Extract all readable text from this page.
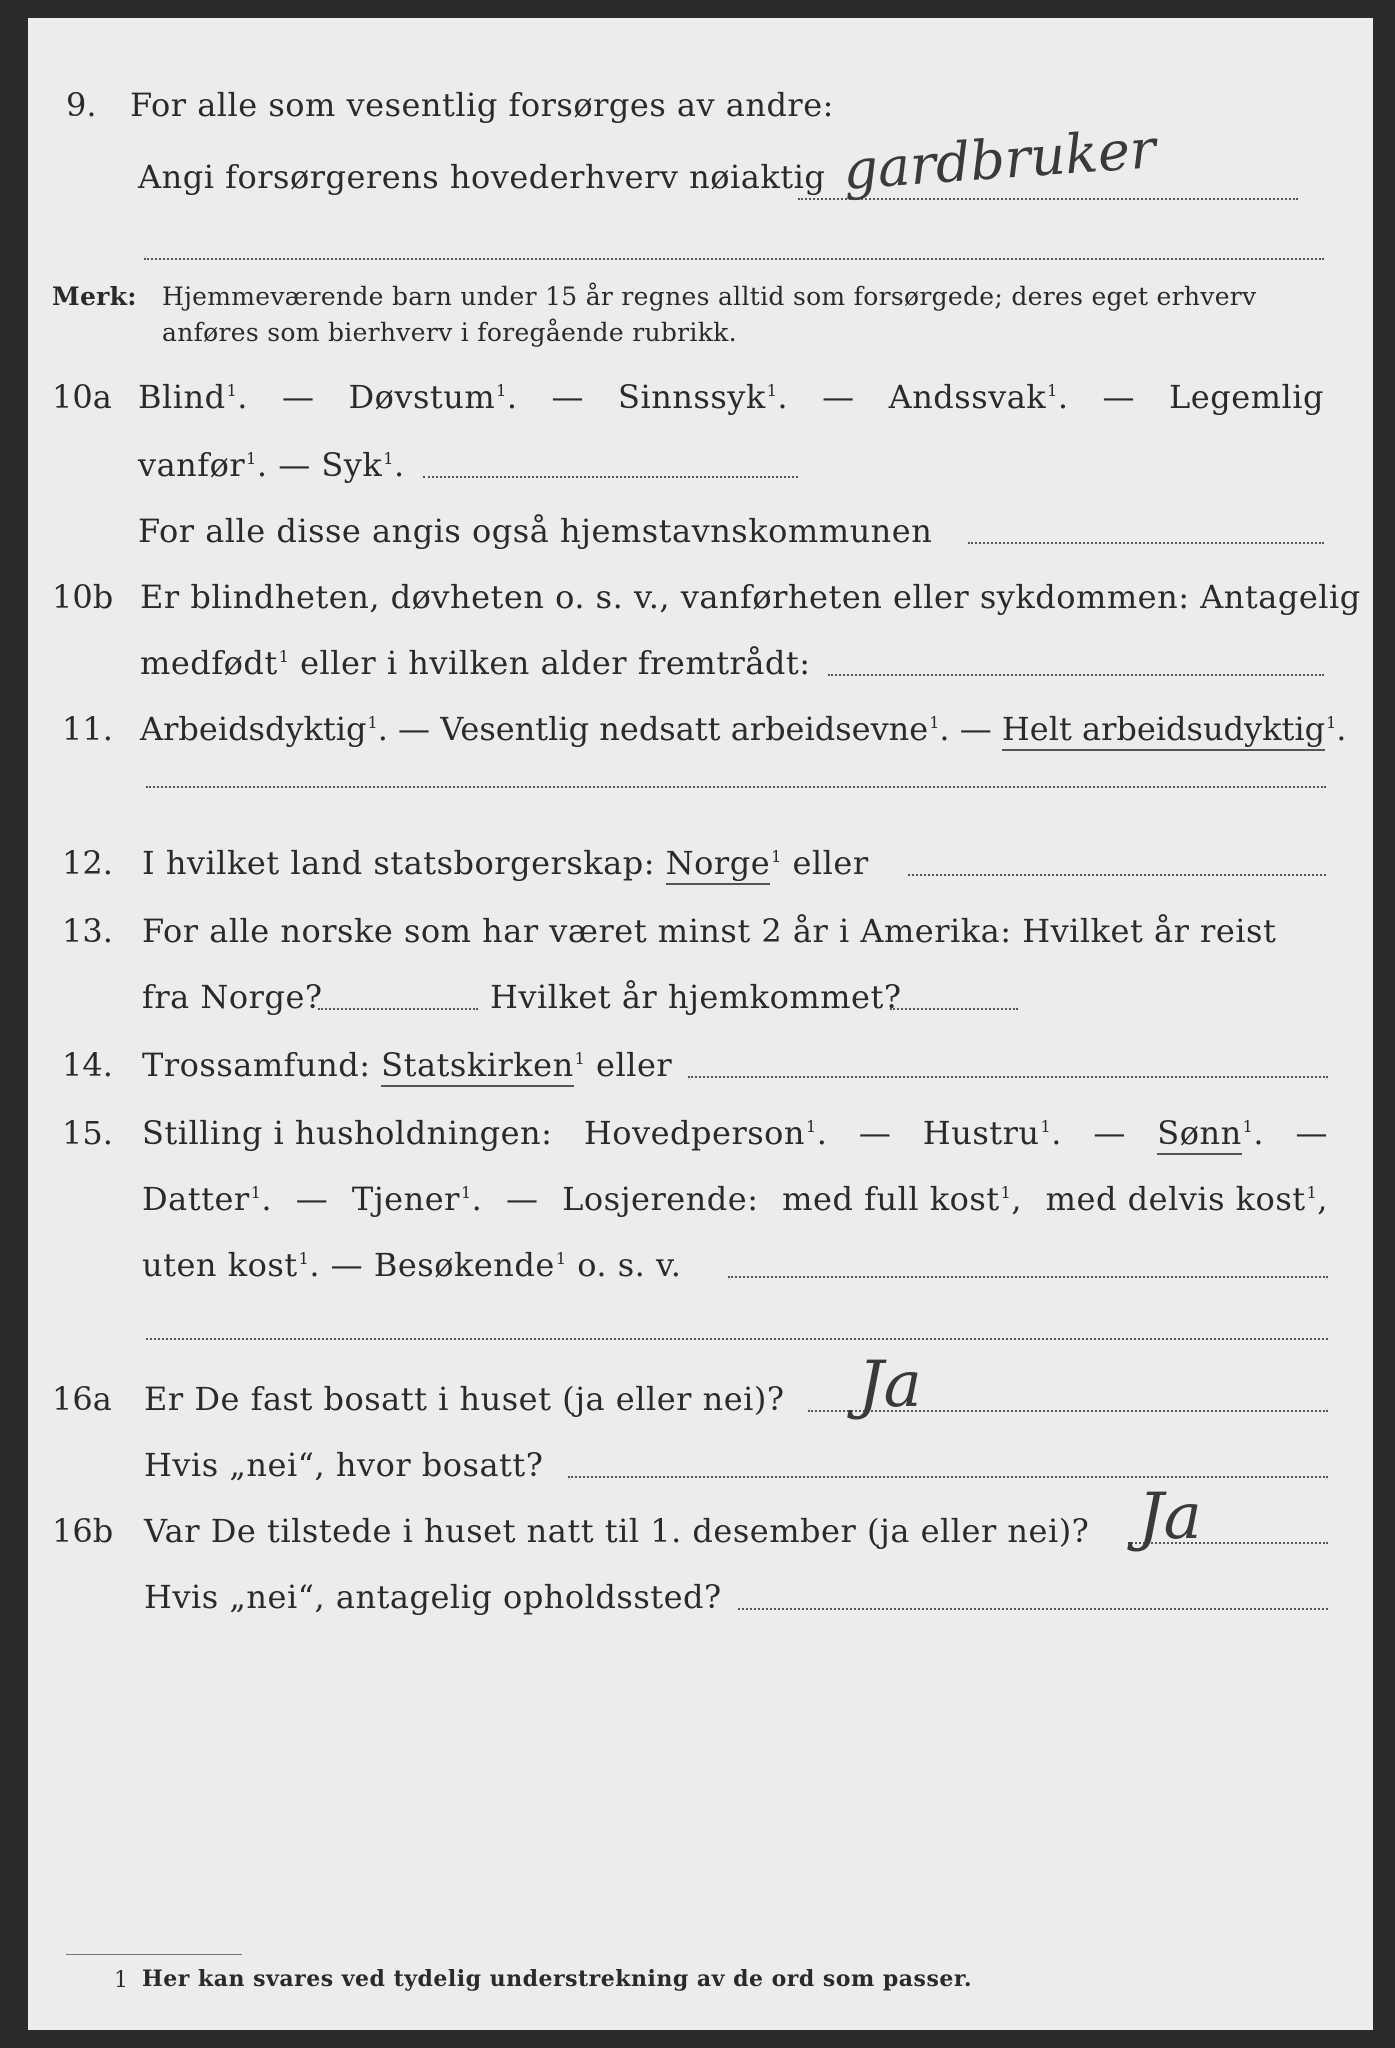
9. For alle som vesentlig forsørges av andre:
Angi forsørgerens hovederhverv nøiaktig gardbruker
Merk: Hjemmeværende barn under 15 år regnes alltid som forsørgede; deres eget erhverv
anføres som bierhverv i foregående rubrikk.
10a Blind$^1$. — Døvstum$^1$. — Sinnssyk$^1$. — Andssvak$^1$. — Legemlig
vanfør$^1$. — Syk$^1$.
For alle disse angis også hjemstavnskommunen
10b Er blindheten, døvheten o. s. v., vanførheten eller sykdommen: Antagelig
medfødt$^1$ eller i hvilken alder fremtrådt:
11. Arbeidsdyktig$^1$. — Vesentlig nedsatt arbeidsevne$^1$. — Helt arbeidsudyktig$^1$.
12. I hvilket land statsborgerskap: Norge$^1$ eller
13. For alle norske som har været minst 2 år i Amerika: Hvilket år reist
fra Norge?	Hvilket år hjemkommet?
14. Trossamfund: Statskirken$^1$ eller
15. Stilling i husholdningen: Hovedperson$^1$. — Hustru$^1$. — Sønn$^1$. —
Datter$^1$. — Tjener$^1$. — Losjerende: med full kost$^1$, med delvis kost$^1$,
uten kost$^1$. — Besøkende$^1$ o. s. v.
16a Er De fast bosatt i huset (ja eller nei)? Ja
Hvis „nei“, hvor bosatt?
16b Var De tilstede i huset natt til 1. desember (ja eller nei)? Ja
Hvis „nei“, antagelig opholdssted?
1 Her kan svares ved tydelig understrekning av de ord som passer.
